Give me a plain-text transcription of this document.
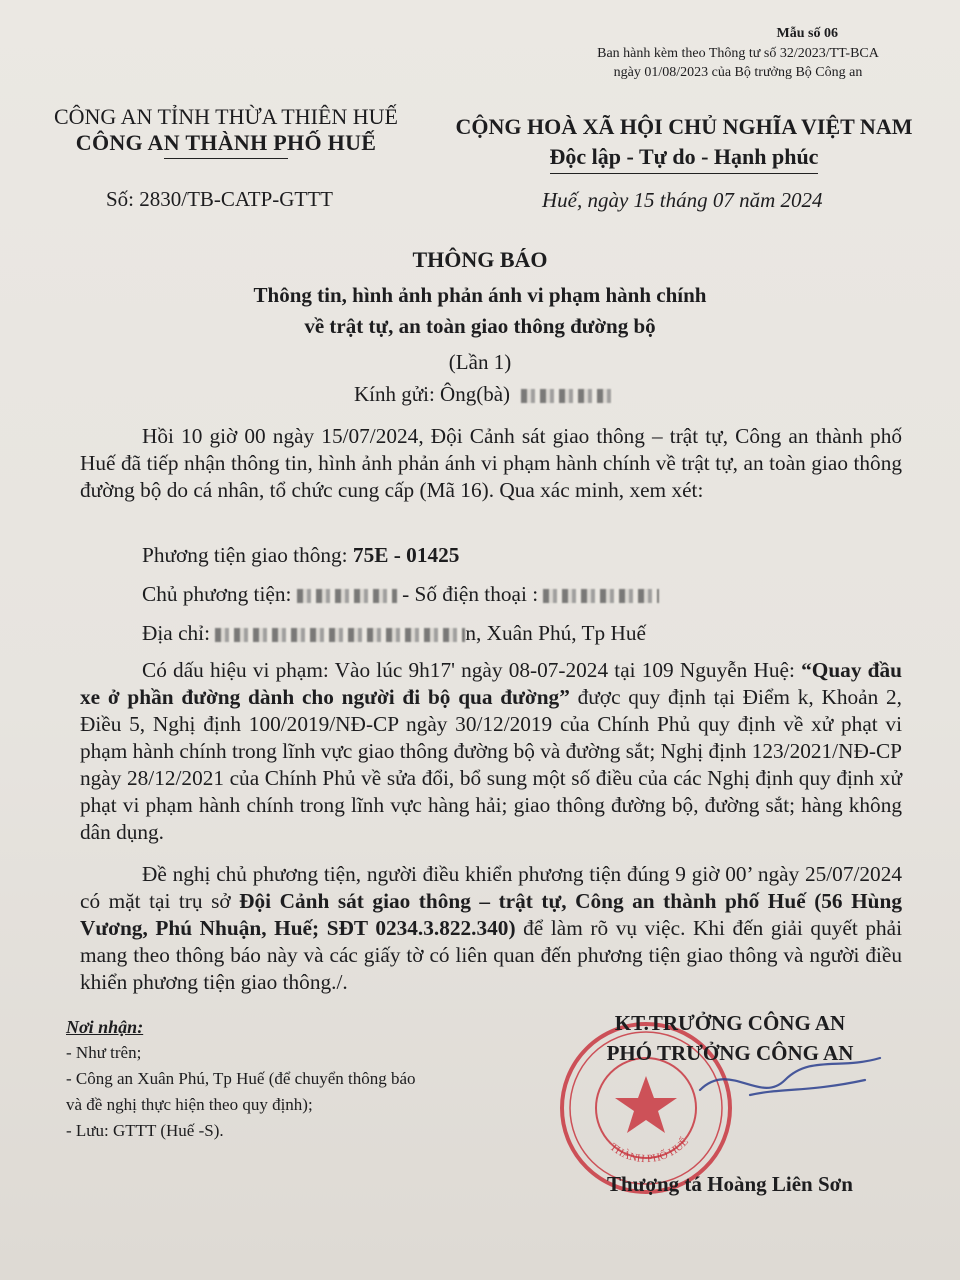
Mẫu số 06
Ban hành kèm theo Thông tư số 32/2023/TT-BCA
ngày 01/08/2023 của Bộ trưởng Bộ Công an
CÔNG AN TỈNH THỪA THIÊN HUẾ
CÔNG AN THÀNH PHỐ HUẾ
CỘNG HOÀ XÃ HỘI CHỦ NGHĨA VIỆT NAM
Độc lập - Tự do - Hạnh phúc
Số: 2830/TB-CATP-GTTT	Huế, ngày 15 tháng 07 năm 2024
THÔNG BÁO
Thông tin, hình ảnh phản ánh vi phạm hành chính
về trật tự, an toàn giao thông đường bộ
(Lần 1)
Kính gửi: Ông(bà)
Hồi 10 giờ 00 ngày 15/07/2024, Đội Cảnh sát giao thông – trật tự, Công an thành phố Huế đã tiếp nhận thông tin, hình ảnh phản ánh vi phạm hành chính về trật tự, an toàn giao thông đường bộ do cá nhân, tổ chức cung cấp (Mã 16). Qua xác minh, xem xét:
Phương tiện giao thông: 75E - 01425
Chủ phương tiện:	- Số điện thoại :
Địa chỉ:	n, Xuân Phú, Tp Huế
Có dấu hiệu vi phạm: Vào lúc 9h17' ngày 08-07-2024 tại 109 Nguyễn Huệ: “Quay đầu xe ở phần đường dành cho người đi bộ qua đường” được quy định tại Điểm k, Khoản 2, Điều 5, Nghị định 100/2019/NĐ-CP ngày 30/12/2019 của Chính Phủ quy định về xử phạt vi phạm hành chính trong lĩnh vực giao thông đường bộ và đường sắt; Nghị định 123/2021/NĐ-CP ngày 28/12/2021 của Chính Phủ về sửa đổi, bổ sung một số điều của các Nghị định quy định xử phạt vi phạm hành chính trong lĩnh vực hàng hải; giao thông đường bộ, đường sắt; hàng không dân dụng.
Đề nghị chủ phương tiện, người điều khiển phương tiện đúng 9 giờ 00’ ngày 25/07/2024 có mặt tại trụ sở Đội Cảnh sát giao thông – trật tự, Công an thành phố Huế (56 Hùng Vương, Phú Nhuận, Huế; SĐT 0234.3.822.340) để làm rõ vụ việc. Khi đến giải quyết phải mang theo thông báo này và các giấy tờ có liên quan đến phương tiện giao thông và người điều khiển phương tiện giao thông./.
Nơi nhận:
- Như trên;
- Công an Xuân Phú, Tp Huế (để chuyển thông báo
và đề nghị thực hiện theo quy định);
- Lưu: GTTT (Huế -S).
THÀNH PHỐ HUẾ
KT.TRƯỞNG CÔNG AN
PHÓ TRƯỞNG CÔNG AN
Thượng tá Hoàng Liên Sơn
